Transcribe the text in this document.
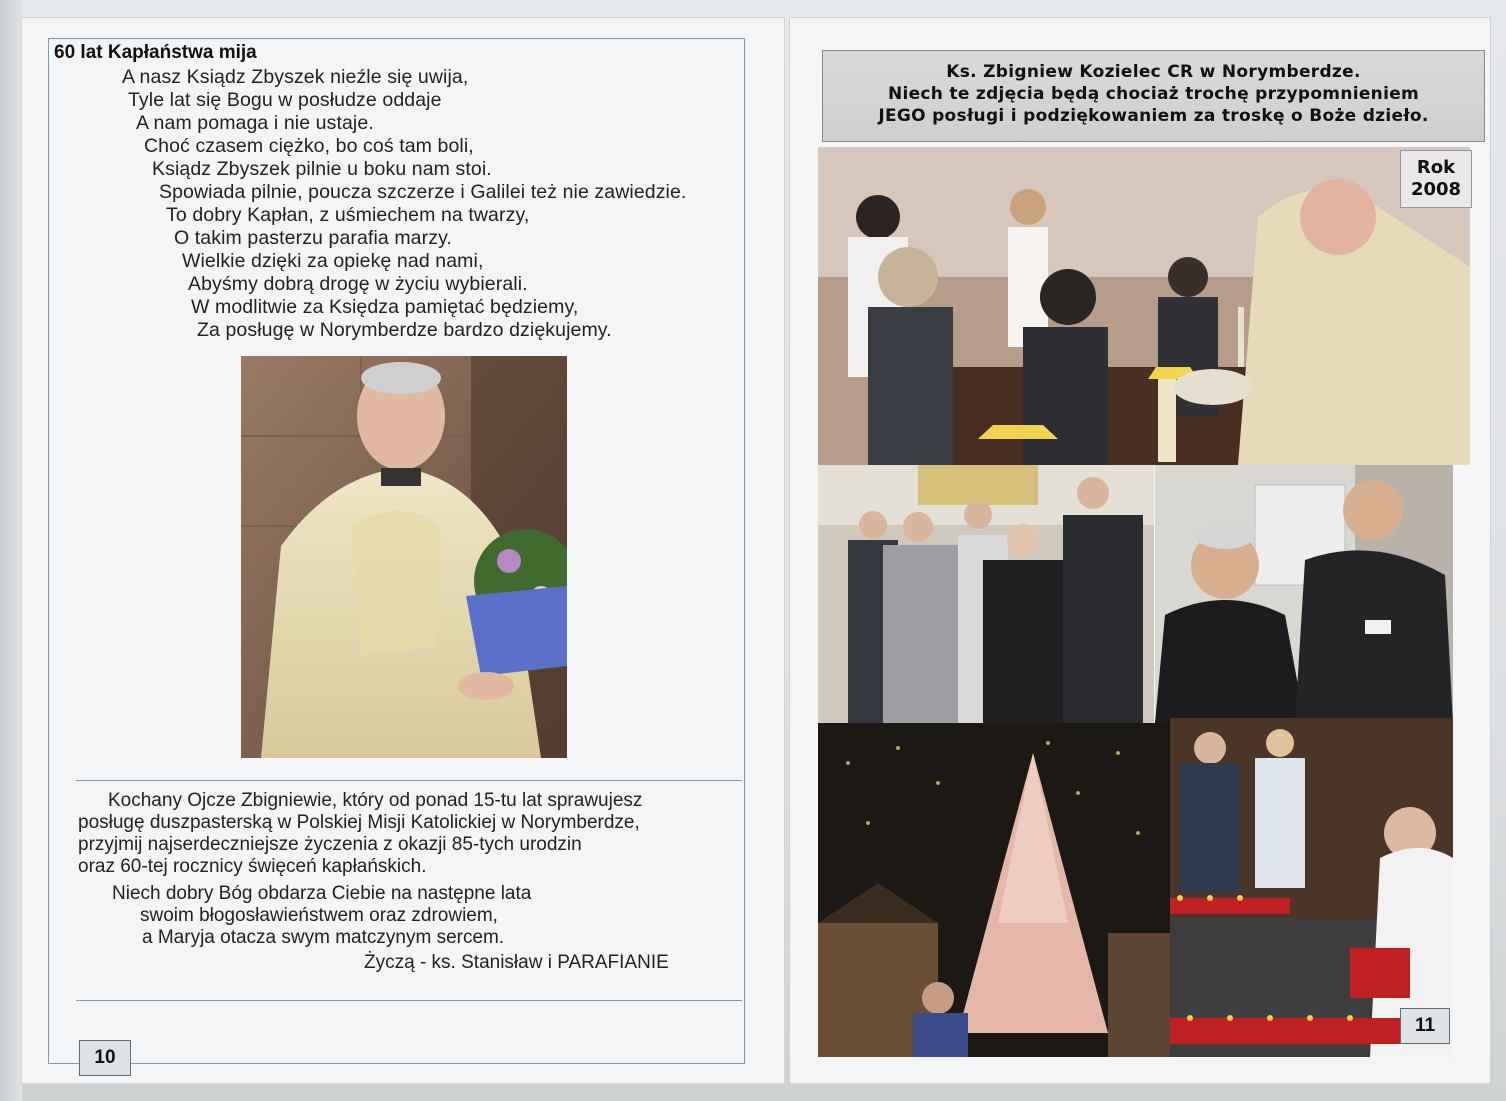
60 lat Kapłaństwa mija
A nasz Ksiądz Zbyszek nieźle się uwija,
Tyle lat się Bogu w posłudze oddaje
A nam pomaga i nie ustaje.
Choć czasem ciężko, bo coś tam boli,
Ksiądz Zbyszek pilnie u boku nam stoi.
Spowiada pilnie, poucza szczerze i Galilei też nie zawiedzie.
To dobry Kapłan, z uśmiechem na twarzy,
O takim pasterzu parafia marzy.
Wielkie dzięki za opiekę nad nami,
Abyśmy dobrą drogę w życiu wybierali.
W modlitwie za Księdza pamiętać będziemy,
Za posługę w Norymberdze bardzo dziękujemy.
Kochany Ojcze Zbigniewie, który od ponad 15-tu lat sprawujesz
posługę duszpasterską w Polskiej Misji Katolickiej w Norymberdze,
przyjmij najserdeczniejsze życzenia z okazji 85-tych urodzin
oraz 60-tej rocznicy święceń kapłańskich.
Niech dobry Bóg obdarza Ciebie na następne lata
swoim błogosławieństwem oraz zdrowiem,
a Maryja otacza swym matczynym sercem.
Życzą - ks. Stanisław i PARAFIANIE
10
Ks. Zbigniew Kozielec CR w Norymberdze.
Niech te zdjęcia będą chociaż trochę przypomnieniem
JEGO posługi i podziękowaniem za troskę o Boże dzieło.
Rok
2008
11
